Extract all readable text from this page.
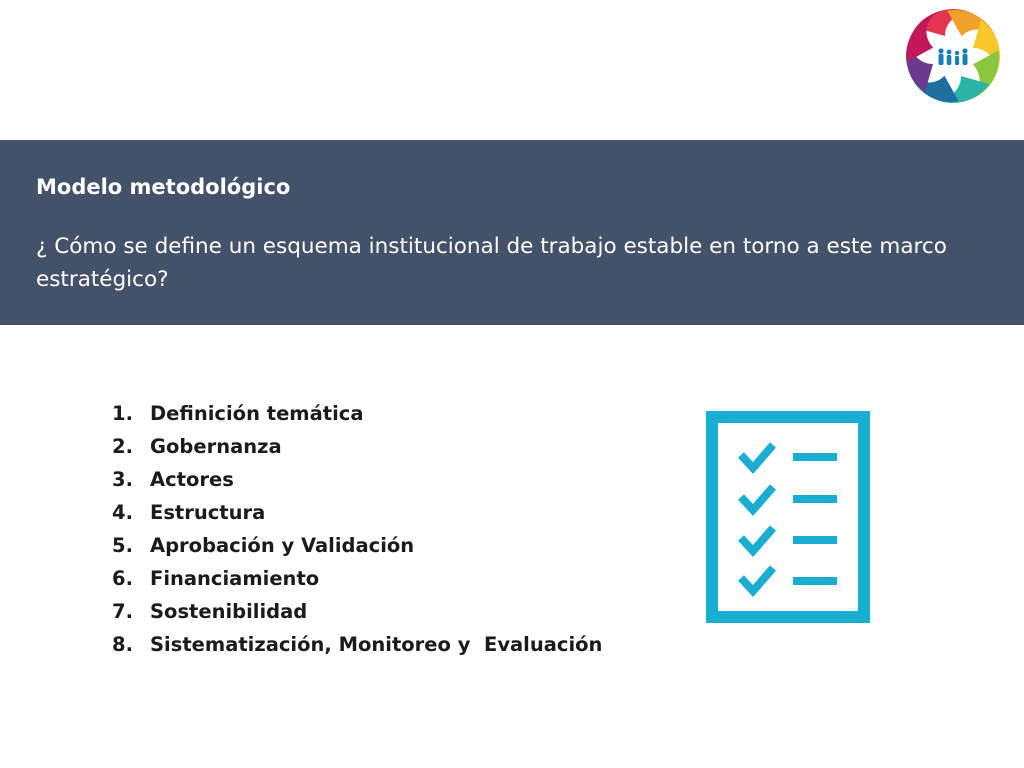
Modelo metodológico

¿ Cómo se define un esquema institucional de trabajo estable en torno a este marco estratégico?

1. Definición temática
2. Gobernanza
3. Actores
4. Estructura
5. Aprobación y Validación
6. Financiamiento
7. Sostenibilidad
8. Sistematización, Monitoreo y  Evaluación
